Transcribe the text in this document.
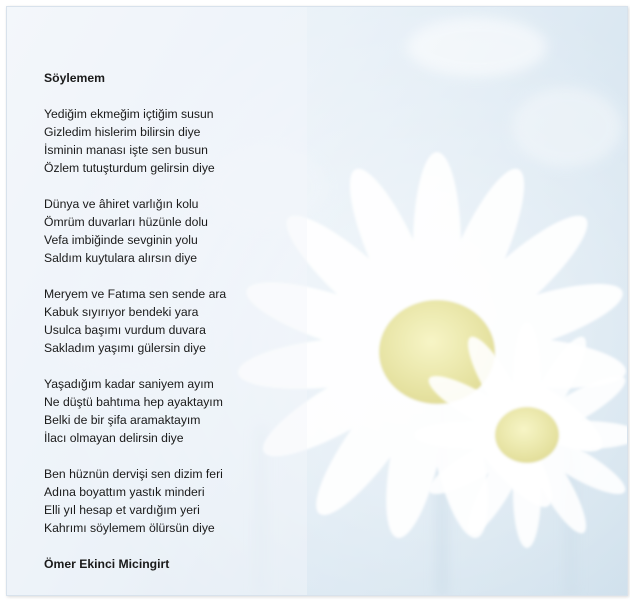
Söylemem
Yediğim ekmeğim içtiğim susun
Gizledim hislerim bilirsin diye
İsminin manası işte sen busun
Özlem tutuşturdum gelirsin diye
Dünya ve âhiret varlığın kolu
Ömrüm duvarları hüzünle dolu
Vefa imbiğinde sevginin yolu
Saldım kuytulara alırsın diye
Meryem ve Fatıma sen sende ara
Kabuk sıyırıyor bendeki yara
Usulca başımı vurdum duvara
Sakladım yaşımı gülersin diye
Yaşadığım kadar saniyem ayım
Ne düştü bahtıma hep ayaktayım
Belki de bir şifa aramaktayım
İlacı olmayan delirsin diye
Ben hüznün dervişi sen dizim feri
Adına boyattım yastık minderi
Elli yıl hesap et vardığım yeri
Kahrımı söylemem ölürsün diye
Ömer Ekinci Micingirt
